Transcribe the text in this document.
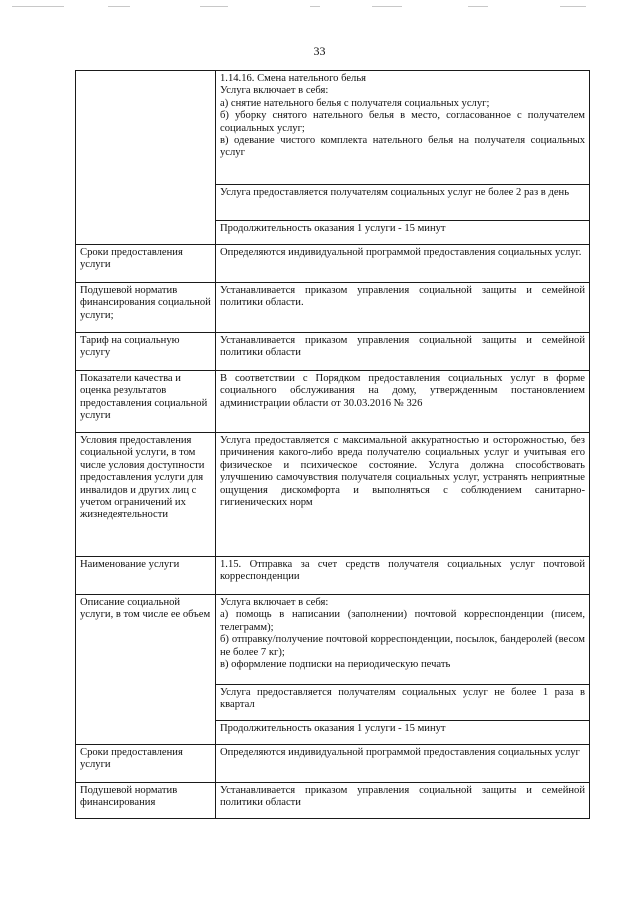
33

	1.14.16. Смена нательного белья
Услуга включает в себя:
а) снятие нательного белья с получателя социальных услуг;
б) уборку снятого нательного белья в место, согласованное с получателем социальных услуг;
в) одевание чистого комплекта нательного белья на получателя социальных услуг

	Услуга предоставляется получателям социальных услуг не более 2 раз в день
	Продолжительность оказания 1 услуги - 15 минут
Сроки предоставления услуги	Определяются индивидуальной программой предоставления социальных услуг.
Подушевой норматив финансирования социальной услуги;	Устанавливается приказом управления социальной защиты и семейной политики области.
Тариф на социальную услугу	Устанавливается приказом управления социальной защиты и семейной политики области
Показатели качества и оценка результатов предоставления социальной услуги	В соответствии с Порядком предоставления социальных услуг в форме социального обслуживания на дому, утвержденным постановлением администрации области от 30.03.2016 № 326
Условия предоставления социальной услуги, в том числе условия доступности предоставления услуги для инвалидов и других лиц с учетом ограничений их жизнедеятельности	Услуга предоставляется с максимальной аккуратностью и осторожностью, без причинения какого-либо вреда получателю социальных услуг и учитывая его физическое и психическое состояние. Услуга должна способствовать улучшению самочувствия получателя социальных услуг, устранять неприятные ощущения дискомфорта и выполняться с соблюдением санитарно-гигиенических норм
Наименование услуги	1.15. Отправка за счет средств получателя социальных услуг почтовой корреспонденции
Описание социальной услуги, в том числе ее объем	Услуга включает в себя:
а) помощь в написании (заполнении) почтовой корреспонденции (писем, телеграмм);
б) отправку/получение почтовой корреспонденции, посылок, бандеролей (весом не более 7 кг);
в) оформление подписки на периодическую печать

	Услуга предоставляется получателям социальных услуг не более 1 раза в квартал
	Продолжительность оказания 1 услуги - 15 минут
Сроки предоставления услуги	Определяются индивидуальной программой предоставления социальных услуг
Подушевой норматив финансирования	Устанавливается приказом управления социальной защиты и семейной политики области
